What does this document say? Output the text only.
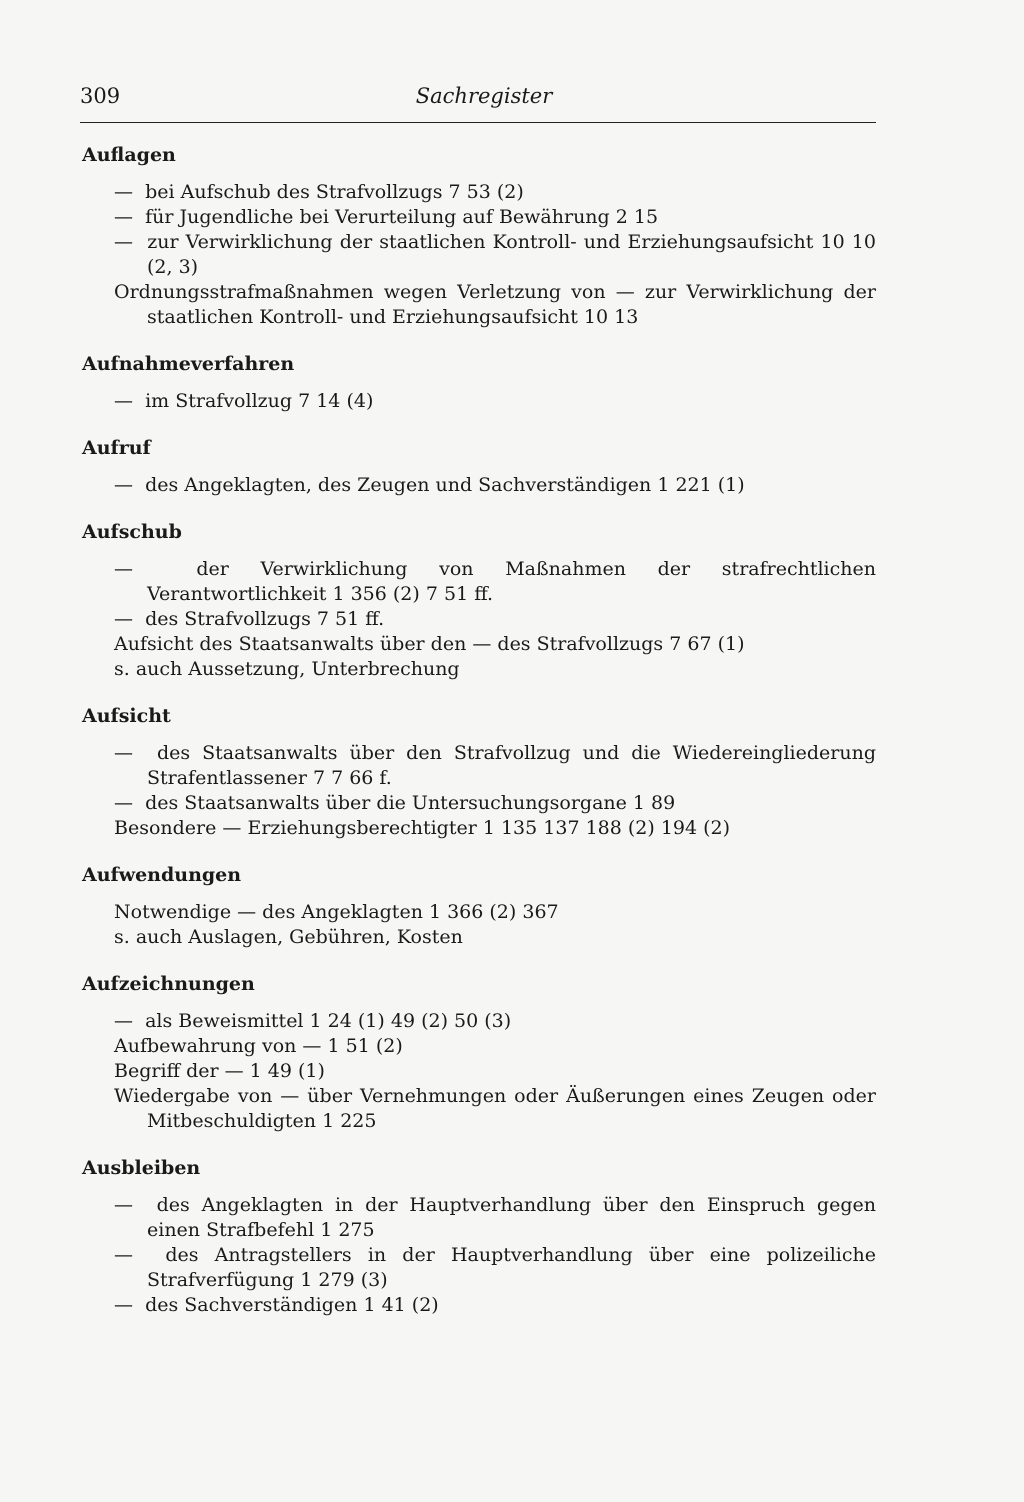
309	Sachregister
Auflagen

—  bei Aufschub des Strafvollzugs 7 53 (2)

—  für Jugendliche bei Verurteilung auf Bewährung 2 15

—  zur Verwirklichung der staatlichen Kontroll- und Erziehungsaufsicht 10 10 (2, 3)

Ordnungsstrafmaßnahmen wegen Verletzung von — zur Verwirklichung der staatlichen Kontroll- und Erziehungsaufsicht 10 13

Aufnahmeverfahren

—  im Strafvollzug 7 14 (4)

Aufruf

—  des Angeklagten, des Zeugen und Sachverständigen 1 221 (1)

Aufschub

—  der Verwirklichung von Maßnahmen der strafrechtlichen Verantwortlichkeit 1 356 (2) 7 51 ff.

—  des Strafvollzugs 7 51 ff.

Aufsicht des Staatsanwalts über den — des Strafvollzugs 7 67 (1)

s. auch Aussetzung, Unterbrechung

Aufsicht

—  des Staatsanwalts über den Strafvollzug und die Wiedereingliederung Strafentlassener 7 7 66 f.

—  des Staatsanwalts über die Untersuchungsorgane 1 89

Besondere — Erziehungsberechtigter 1 135 137 188 (2) 194 (2)

Aufwendungen

Notwendige — des Angeklagten 1 366 (2) 367

s. auch Auslagen, Gebühren, Kosten

Aufzeichnungen

—  als Beweismittel 1 24 (1) 49 (2) 50 (3)

Aufbewahrung von — 1 51 (2)

Begriff der — 1 49 (1)

Wiedergabe von — über Vernehmungen oder Äußerungen eines Zeugen oder Mitbeschuldigten 1 225

Ausbleiben

—  des Angeklagten in der Hauptverhandlung über den Einspruch gegen einen Strafbefehl 1 275

—  des Antragstellers in der Hauptverhandlung über eine polizeiliche Strafverfügung 1 279 (3)

—  des Sachverständigen 1 41 (2)
